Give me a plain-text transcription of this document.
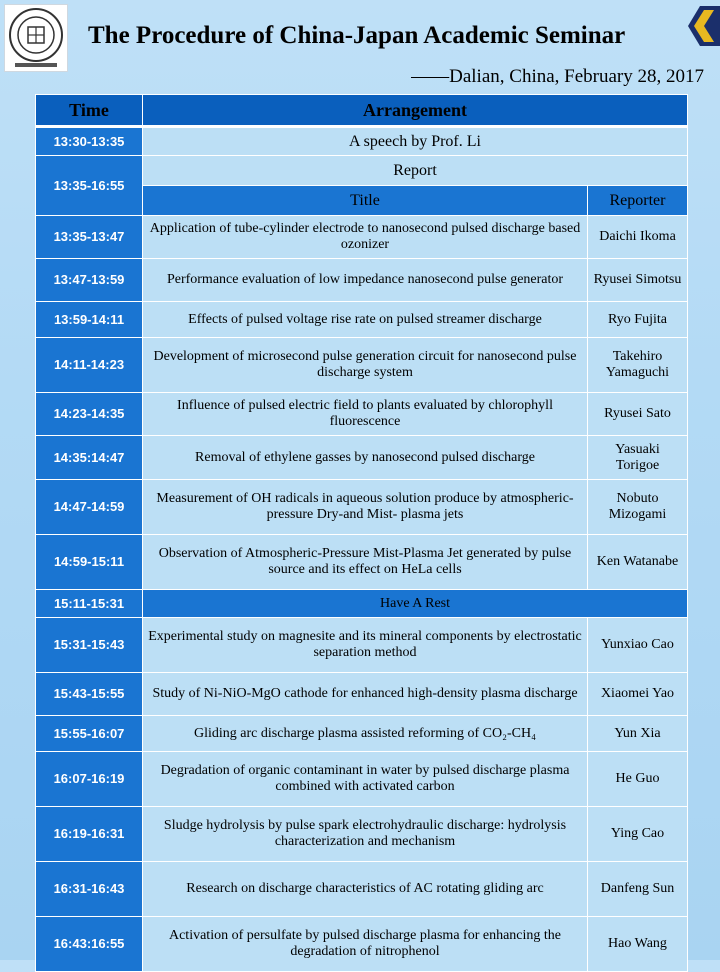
The Procedure of China-Japan Academic Seminar
——Dalian, China, February 28, 2017
Time	Arrangement	
13:30-13:35	A speech by Prof. Li	
13:35-16:55	Report	
	Title	Reporter
13:35-13:47	Application of tube-cylinder electrode to nanosecond pulsed discharge based ozonizer	Daichi Ikoma
13:47-13:59	Performance evaluation of low impedance nanosecond pulse generator	Ryusei Simotsu
13:59-14:11	Effects of pulsed voltage rise rate on pulsed streamer discharge	Ryo Fujita
14:11-14:23	Development of microsecond pulse generation circuit for nanosecond pulse discharge system	Takehiro Yamaguchi
14:23-14:35	Influence of pulsed electric field to plants evaluated by chlorophyll fluorescence	Ryusei Sato
14:35:14:47	Removal of ethylene gasses by nanosecond pulsed discharge	Yasuaki Torigoe
14:47-14:59	Measurement of OH radicals in aqueous solution produce by atmospheric-pressure Dry-and Mist- plasma jets	Nobuto Mizogami
14:59-15:11	Observation of Atmospheric-Pressure Mist-Plasma Jet generated by pulse source and its effect on HeLa cells	Ken Watanabe
15:11-15:31	Have A Rest	
15:31-15:43	Experimental study on magnesite and its mineral components by electrostatic separation method	Yunxiao Cao
15:43-15:55	Study of Ni-NiO-MgO cathode for enhanced high-density plasma discharge	Xiaomei Yao
15:55-16:07	Gliding arc discharge plasma assisted reforming of CO₂-CH₄	Yun Xia
16:07-16:19	Degradation of organic contaminant in water by pulsed discharge plasma combined with activated carbon	He Guo
16:19-16:31	Sludge hydrolysis by pulse spark electrohydraulic discharge: hydrolysis characterization and mechanism	Ying Cao
16:31-16:43	Research on discharge characteristics of AC rotating gliding arc	Danfeng Sun
16:43:16:55	Activation of persulfate by pulsed discharge plasma for enhancing the degradation of nitrophenol	Hao Wang
